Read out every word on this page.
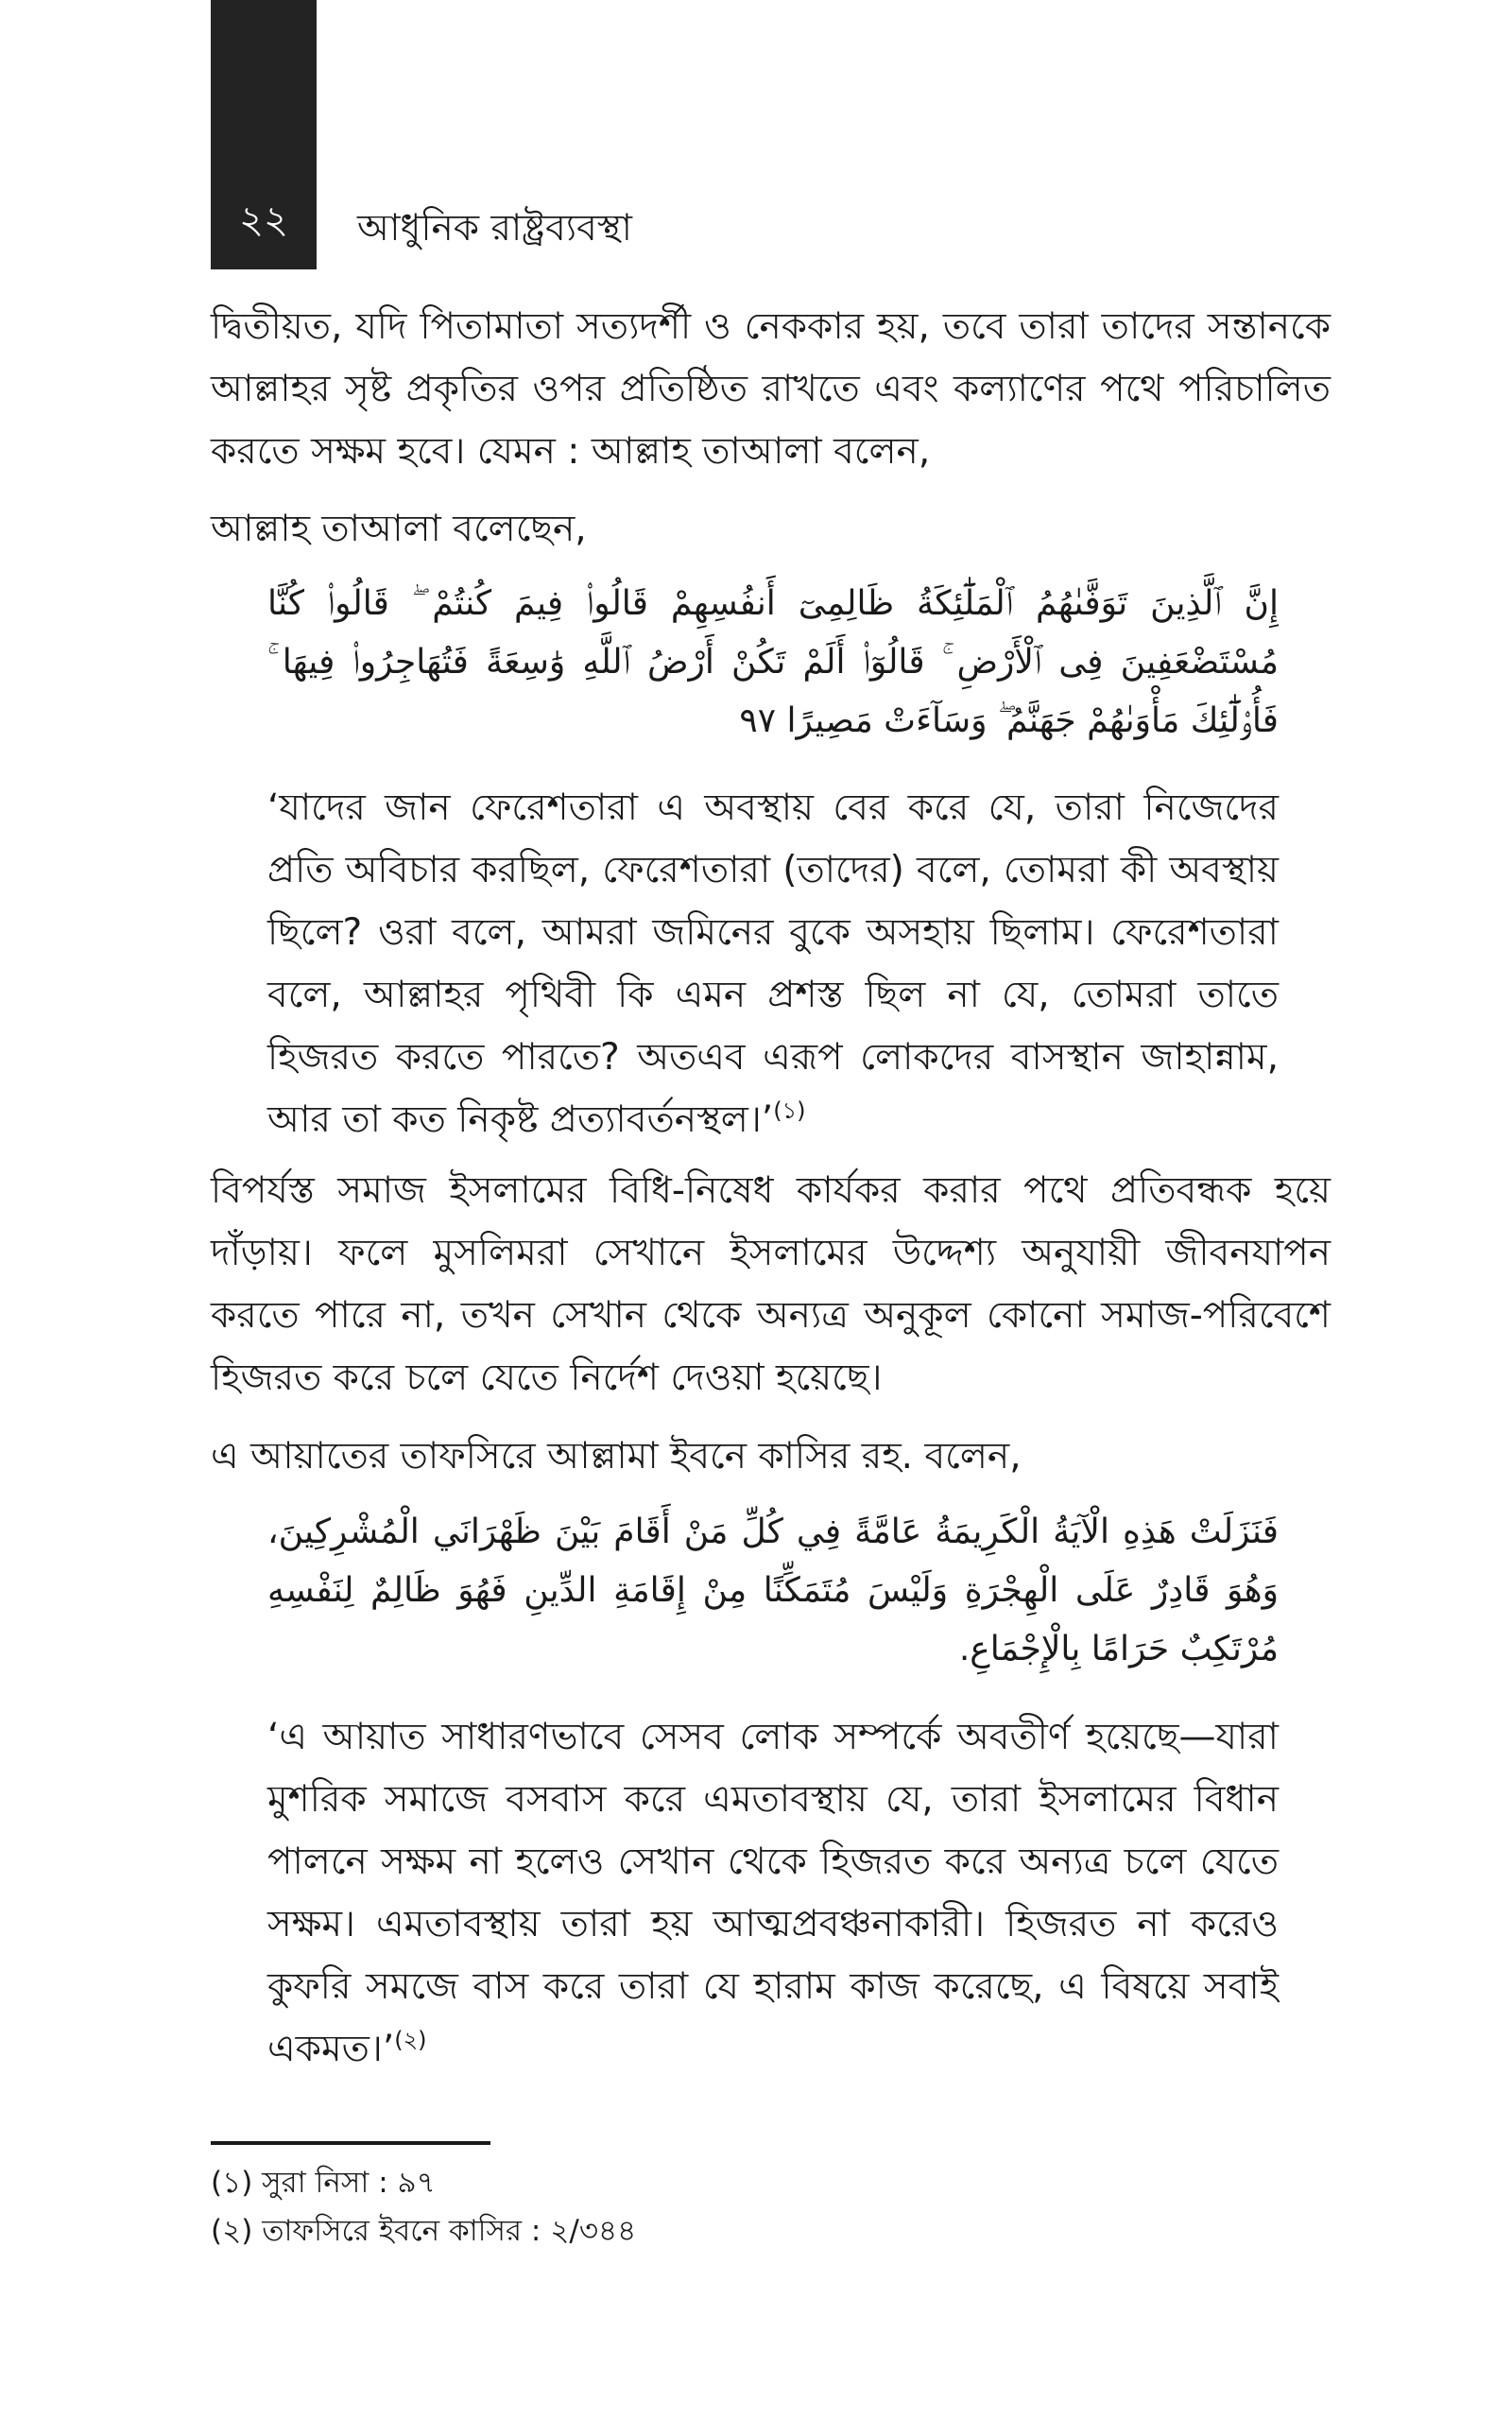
২২	আধুনিক রাষ্ট্রব্যবস্থা

দ্বিতীয়ত, যদি পিতামাতা সত্যদর্শী ও নেককার হয়, তবে তারা তাদের সন্তানকে আল্লাহর সৃষ্ট প্রকৃতির ওপর প্রতিষ্ঠিত রাখতে এবং কল্যাণের পথে পরিচালিত করতে সক্ষম হবে। যেমন : আল্লাহ তাআলা বলেন,

আল্লাহ তাআলা বলেছেন,

إِنَّ ٱلَّذِينَ تَوَفَّىٰهُمُ ٱلْمَلَٰٓئِكَةُ ظَالِمِىٓ أَنفُسِهِمْ قَالُوا۟ فِيمَ كُنتُمْ ۖ قَالُوا۟ كُنَّا مُسْتَضْعَفِينَ فِى ٱلْأَرْضِ ۚ قَالُوٓا۟ أَلَمْ تَكُنْ أَرْضُ ٱللَّهِ وَٰسِعَةً فَتُهَاجِرُوا۟ فِيهَا ۚ فَأُو۟لَٰٓئِكَ مَأْوَىٰهُمْ جَهَنَّمُ ۖ وَسَآءَتْ مَصِيرًا ٩٧

‘যাদের জান ফেরেশতারা এ অবস্থায় বের করে যে, তারা নিজেদের প্রতি অবিচার করছিল, ফেরেশতারা (তাদের) বলে, তোমরা কী অবস্থায় ছিলে? ওরা বলে, আমরা জমিনের বুকে অসহায় ছিলাম। ফেরেশতারা বলে, আল্লাহর পৃথিবী কি এমন প্রশস্ত ছিল না যে, তোমরা তাতে হিজরত করতে পারতে? অতএব এরূপ লোকদের বাসস্থান জাহান্নাম, আর তা কত নিকৃষ্ট প্রত্যাবর্তনস্থল।’$^{(১)}$

বিপর্যস্ত সমাজ ইসলামের বিধি-নিষেধ কার্যকর করার পথে প্রতিবন্ধক হয়ে দাঁড়ায়। ফলে মুসলিমরা সেখানে ইসলামের উদ্দেশ্য অনুযায়ী জীবনযাপন করতে পারে না, তখন সেখান থেকে অন্যত্র অনুকূল কোনো সমাজ-পরিবেশে হিজরত করে চলে যেতে নির্দেশ দেওয়া হয়েছে।

এ আয়াতের তাফসিরে আল্লামা ইবনে কাসির রহ. বলেন,

فَنَزَلَتْ هَذِهِ الْآيَةُ الْكَرِيمَةُ عَامَّةً فِي كُلِّ مَنْ أَقَامَ بَيْنَ ظَهْرَانَي الْمُشْرِكِينَ، وَهُوَ قَادِرٌ عَلَى الْهِجْرَةِ وَلَيْسَ مُتَمَكِّنًا مِنْ إِقَامَةِ الدِّينِ فَهُوَ ظَالِمٌ لِنَفْسِهِ مُرْتَكِبٌ حَرَامًا بِالْإِجْمَاعِ.

‘এ আয়াত সাধারণভাবে সেসব লোক সম্পর্কে অবতীর্ণ হয়েছে—যারা মুশরিক সমাজে বসবাস করে এমতাবস্থায় যে, তারা ইসলামের বিধান পালনে সক্ষম না হলেও সেখান থেকে হিজরত করে অন্যত্র চলে যেতে সক্ষম। এমতাবস্থায় তারা হয় আত্মপ্রবঞ্চনাকারী। হিজরত না করেও কুফরি সমজে বাস করে তারা যে হারাম কাজ করেছে, এ বিষয়ে সবাই একমত।’$^{(২)}$

(১) সুরা নিসা : ৯৭
(২) তাফসিরে ইবনে কাসির : ২/৩৪৪
